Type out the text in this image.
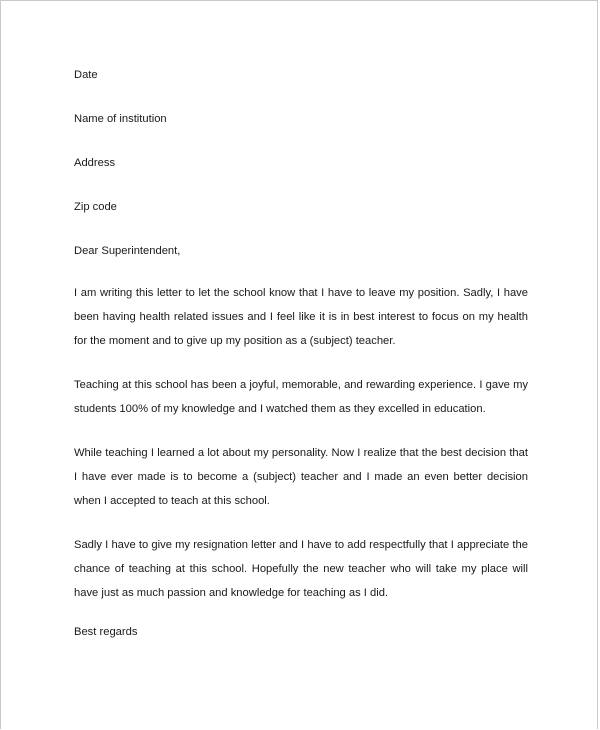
Date

Name of institution

Address

Zip code

Dear Superintendent,

I am writing this letter to let the school know that I have to leave my position. Sadly, I have been having health related issues and I feel like it is in best interest to focus on my health for the moment and to give up my position as a (subject) teacher.

Teaching at this school has been a joyful, memorable, and rewarding experience. I gave my students 100% of my knowledge and I watched them as they excelled in education.

While teaching I learned a lot about my personality. Now I realize that the best decision that I have ever made is to become a (subject) teacher and I made an even better decision when I accepted to teach at this school.

Sadly I have to give my resignation letter and I have to add respectfully that I appreciate the chance of teaching at this school. Hopefully the new teacher who will take my place will have just as much passion and knowledge for teaching as I did.

Best regards
